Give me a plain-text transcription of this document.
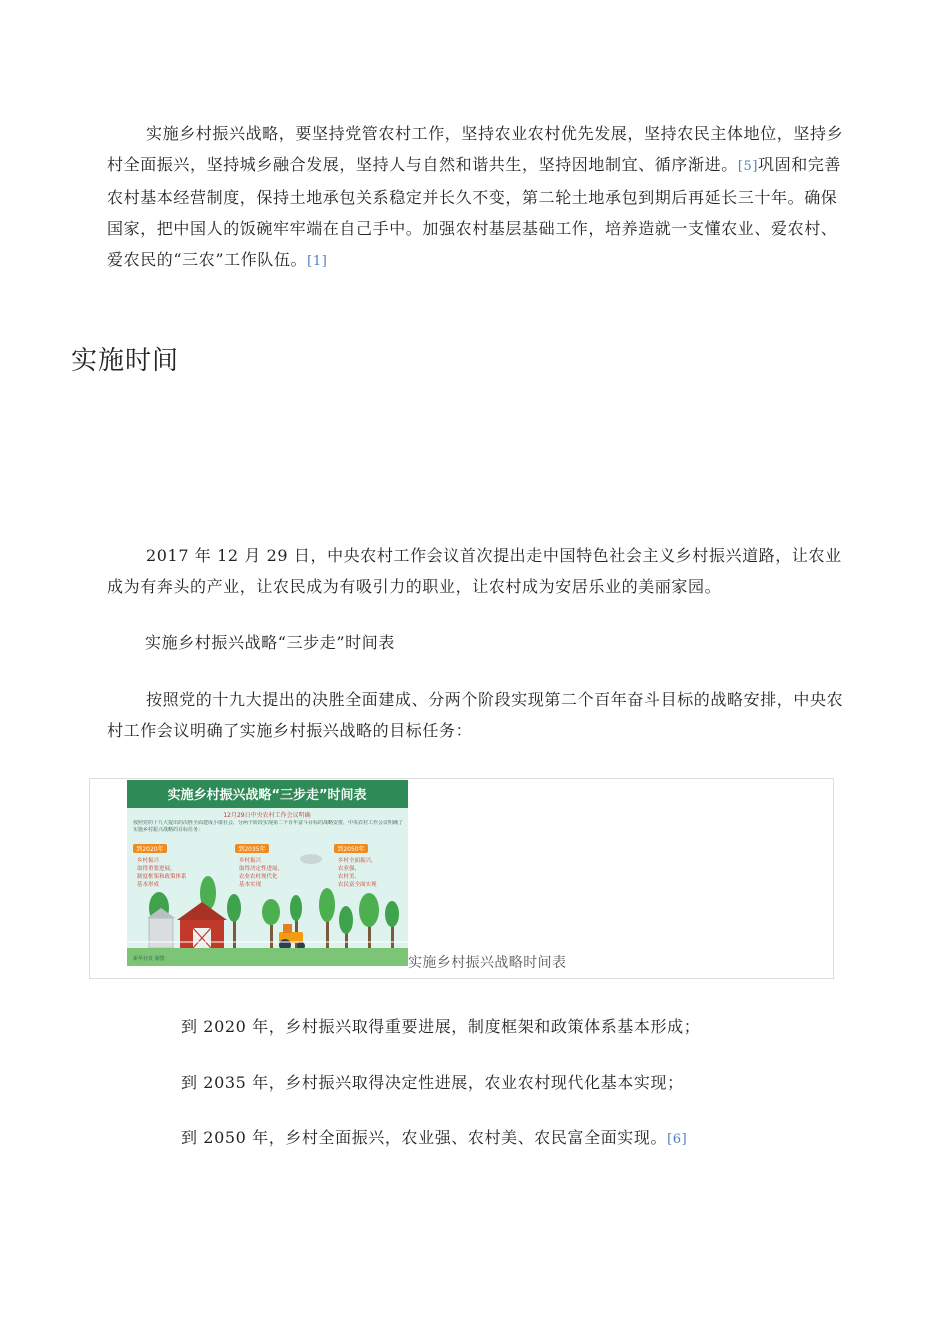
实施乡村振兴战略，要坚持党管农村工作，坚持农业农村优先发展，坚持农民主体地位，坚持乡村全面振兴，坚持城乡融合发展，坚持人与自然和谐共生，坚持因地制宜、循序渐进。[5]巩固和完善农村基本经营制度，保持土地承包关系稳定并长久不变，第二轮土地承包到期后再延长三十年。确保国家，把中国人的饭碗牢牢端在自己手中。加强农村基层基础工作，培养造就一支懂农业、爱农村、爱农民的“三农”工作队伍。[1]

实施时间

2017 年 12 月 29 日，中央农村工作会议首次提出走中国特色社会主义乡村振兴道路，让农业成为有奔头的产业，让农民成为有吸引力的职业，让农村成为安居乐业的美丽家园。

实施乡村振兴战略“三步走”时间表

按照党的十九大提出的决胜全面建成、分两个阶段实现第二个百年奋斗目标的战略安排，中央农村工作会议明确了实施乡村振兴战略的目标任务：

实施乡村振兴战略“三步走”时间表
12月29日中央农村工作会议明确
按照党的十九大提出的决胜全面建成小康社会、分两个阶段实现第二个百年奋斗目标的战略安排，中央农村工作会议明确了实施乡村振兴战略的目标任务：
到2020年
乡村振兴
取得重要进展，
制度框架和政策体系
基本形成
到2035年
乡村振兴
取得决定性进展，
农业农村现代化
基本实现
到2050年
乡村全面振兴，
农业强、
农村美、
农民富全面实现
新华社发 制图	实施乡村振兴战略时间表

到 2020 年，乡村振兴取得重要进展，制度框架和政策体系基本形成；

到 2035 年，乡村振兴取得决定性进展，农业农村现代化基本实现；

到 2050 年，乡村全面振兴，农业强、农村美、农民富全面实现。[6]
